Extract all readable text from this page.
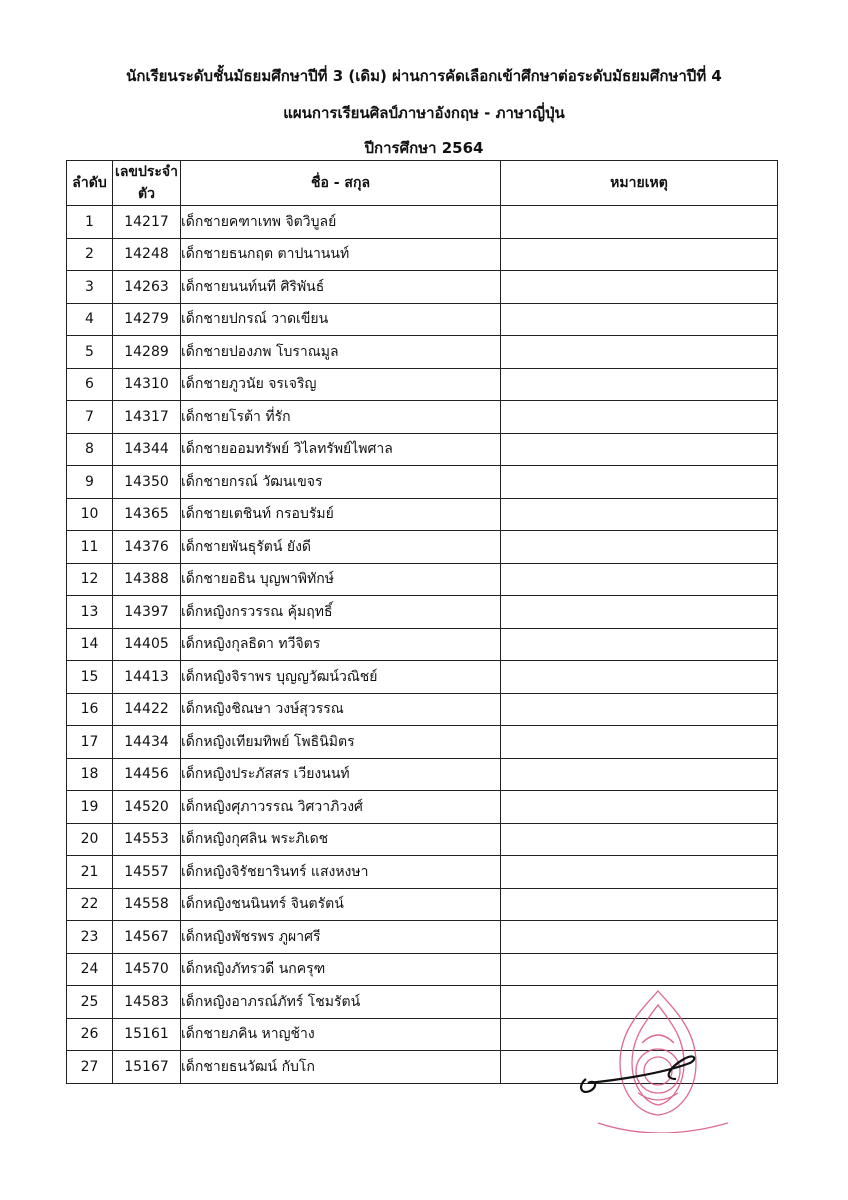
นักเรียนระดับชั้นมัธยมศึกษาปีที่ 3 (เดิม) ผ่านการคัดเลือกเข้าศึกษาต่อระดับมัธยมศึกษาปีที่ 4
แผนการเรียนศิลป์ภาษาอังกฤษ - ภาษาญี่ปุ่น
ปีการศึกษา 2564
ลำดับ	เลขประจำตัว	ชื่อ - สกุล	หมายเหตุ
1	14217	เด็กชายคฑาเทพ จิตวิบูลย์	
2	14248	เด็กชายธนกฤต ตาปนานนท์	
3	14263	เด็กชายนนท์นที ศิริพันธ์	
4	14279	เด็กชายปกรณ์ วาดเขียน	
5	14289	เด็กชายปองภพ โบราณมูล	
6	14310	เด็กชายภูวนัย จรเจริญ	
7	14317	เด็กชายโรต้า ที่รัก	
8	14344	เด็กชายออมทรัพย์ วิไลทรัพย์ไพศาล	
9	14350	เด็กชายกรณ์ วัฒนเขจร	
10	14365	เด็กชายเตชินท์ กรอบรัมย์	
11	14376	เด็กชายพันธุรัตน์ ยังดี	
12	14388	เด็กชายอธิน บุญพาพิทักษ์	
13	14397	เด็กหญิงกรวรรณ คุ้มฤทธิ์	
14	14405	เด็กหญิงกุลธิดา ทวีจิตร	
15	14413	เด็กหญิงจิราพร บุญญวัฒน์วณิชย์	
16	14422	เด็กหญิงชิณษา วงษ์สุวรรณ	
17	14434	เด็กหญิงเทียมทิพย์ โพธินิมิตร	
18	14456	เด็กหญิงประภัสสร เวียงนนท์	
19	14520	เด็กหญิงศุภาวรรณ วิศวาภิวงศ์	
20	14553	เด็กหญิงกุศลิน พระภิเดช	
21	14557	เด็กหญิงจิรัชยารินทร์ แสงหงษา	
22	14558	เด็กหญิงชนนินทร์ จินตรัตน์	
23	14567	เด็กหญิงพัชรพร ภูผาศรี	
24	14570	เด็กหญิงภัทรวดี นกครุฑ	
25	14583	เด็กหญิงอาภรณ์ภัทร์ โชมรัตน์	
26	15161	เด็กชายภคิน หาญช้าง	
27	15167	เด็กชายธนวัฒน์ กับโก	
